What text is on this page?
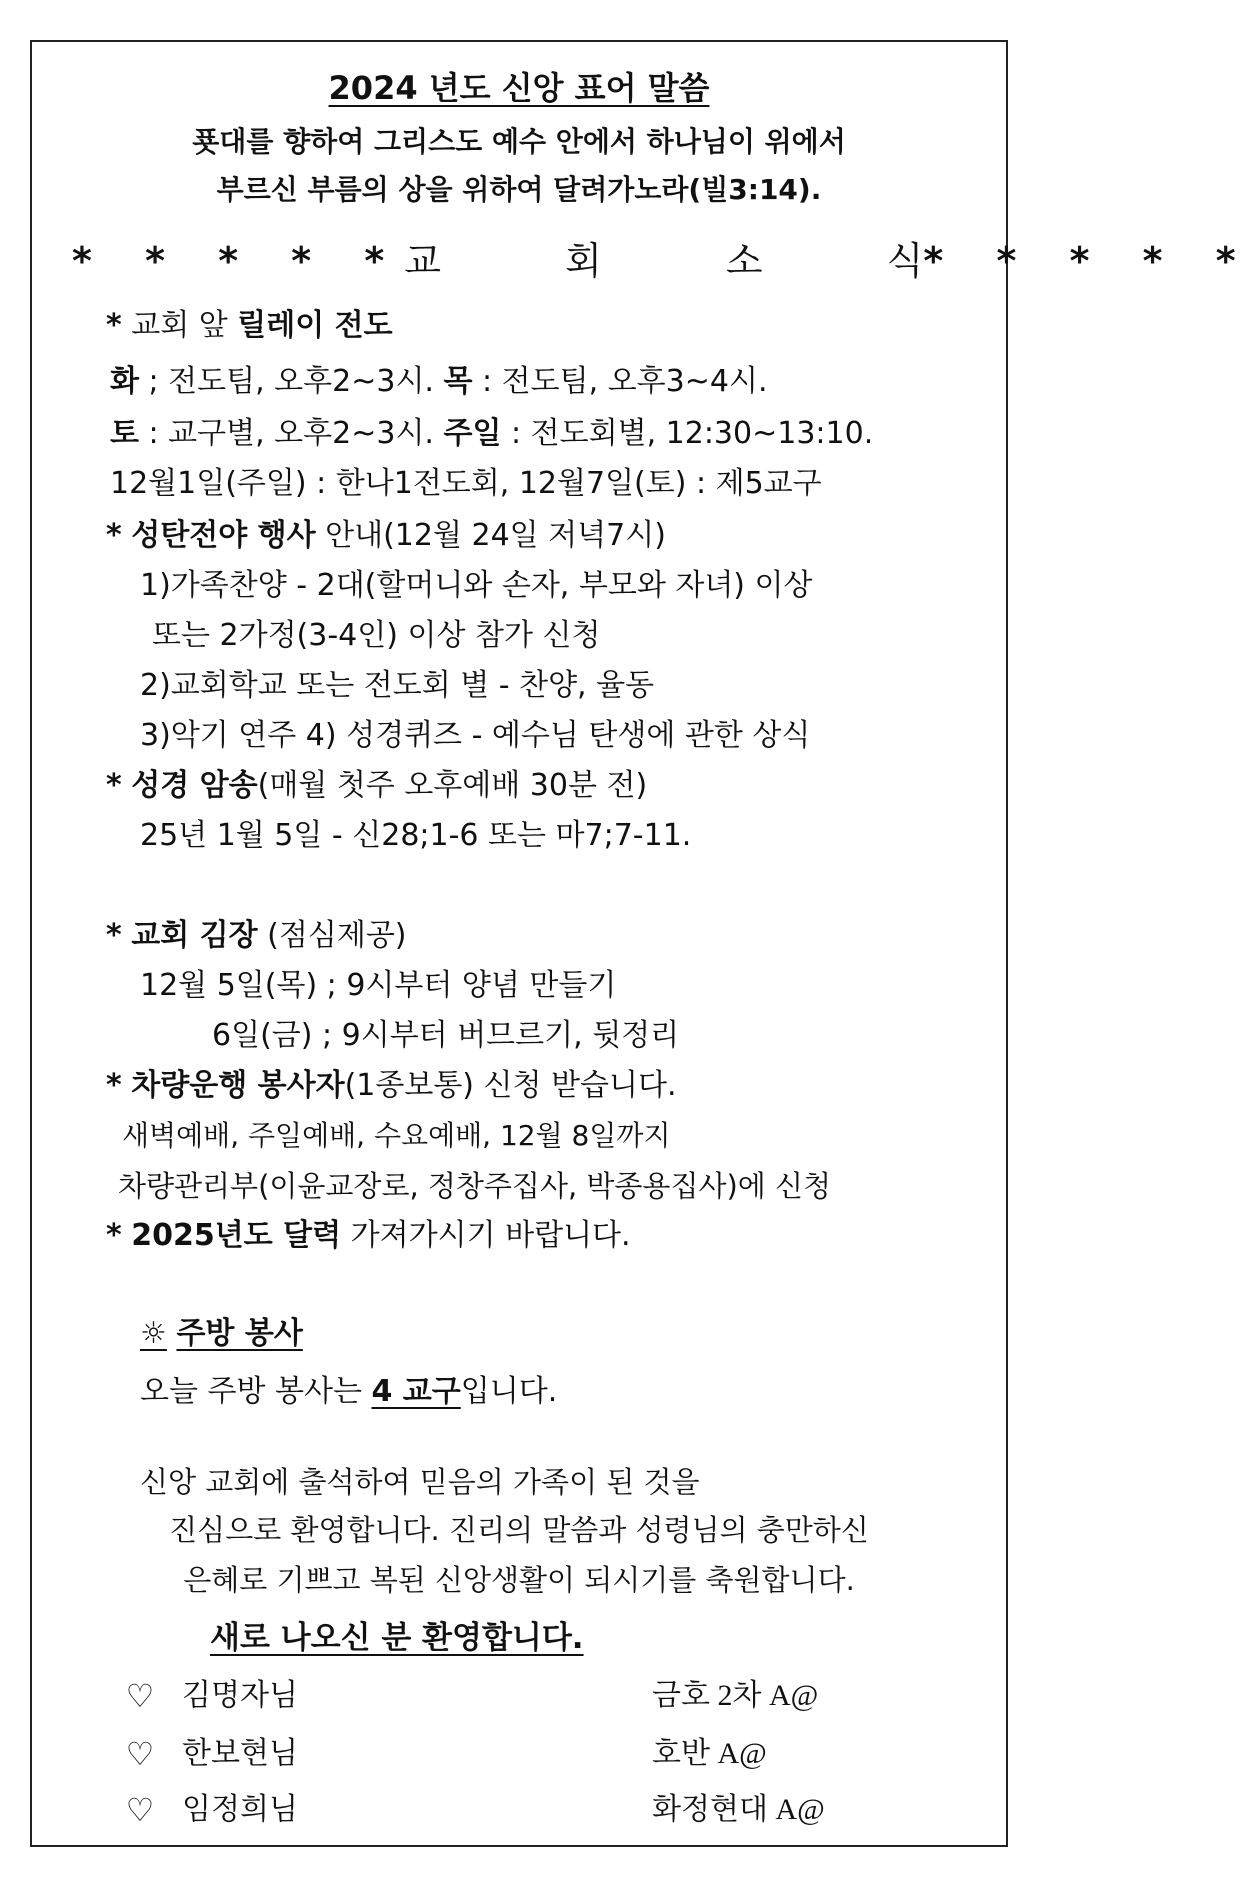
2024 년도 신앙 표어 말씀
푯대를 향하여 그리스도 예수 안에서 하나님이 위에서
부르신 부름의 상을 위하여 달려가노라(빌3:14).
* * * * * 교 회 소 식
* * * * *
* 교회 앞 릴레이 전도
화 ; 전도팀, 오후2~3시. 목 : 전도팀, 오후3~4시.
토 : 교구별, 오후2~3시. 주일 : 전도회별, 12:30~13:10.
12월1일(주일) : 한나1전도회, 12월7일(토) : 제5교구
* 성탄전야 행사 안내(12월 24일 저녁7시)
1)가족찬양 - 2대(할머니와 손자, 부모와 자녀) 이상
또는 2가정(3-4인) 이상 참가 신청
2)교회학교 또는 전도회 별 - 찬양, 율동
3)악기 연주 4) 성경퀴즈 - 예수님 탄생에 관한 상식
* 성경 암송(매월 첫주 오후예배 30분 전)
25년 1월 5일 - 신28;1-6 또는 마7;7-11.
* 교회 김장 (점심제공)
12월 5일(목) ; 9시부터 양념 만들기
6일(금) ; 9시부터 버므르기, 뒷정리
* 차량운행 봉사자(1종보통) 신청 받습니다.
새벽예배, 주일예배, 수요예배, 12월 8일까지
차량관리부(이윤교장로, 정창주집사, 박종용집사)에 신청
* 2025년도 달력 가져가시기 바랍니다.
☼ 주방 봉사
오늘 주방 봉사는 4 교구입니다.
신앙 교회에 출석하여 믿음의 가족이 된 것을
진심으로 환영합니다. 진리의 말씀과 성령님의 충만하신
은혜로 기쁘고 복된 신앙생활이 되시기를 축원합니다.
새로 나오신 분 환영합니다.
♡ 김명자님	금호 2차 A@
♡ 한보현님	호반 A@
♡ 임정희님	화정현대 A@
